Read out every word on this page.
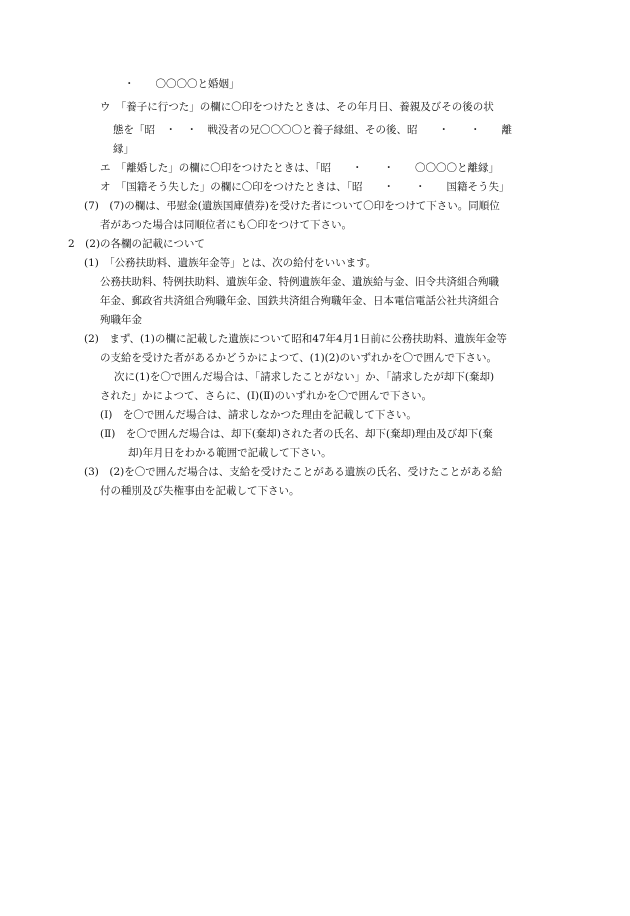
・　　〇〇〇〇と婚姻」
ウ　「養子に行つた」の欄に〇印をつけたときは、その年月日、養親及びその後の状
態を「昭　・　・　戦没者の兄〇〇〇〇と養子縁組、その後、昭　　・　　・　　離
縁」
エ　「離婚した」の欄に〇印をつけたときは、「昭　　・　　・　　〇〇〇〇と離縁」
オ　「国籍そう失した」の欄に〇印をつけたときは、「昭　　・　　・　　国籍そう失」
(7)　(7)の欄は、弔慰金(遺族国庫債券)を受けた者について〇印をつけて下さい。同順位
者があつた場合は同順位者にも〇印をつけて下さい。
2　(2)の各欄の記載について
(1)　「公務扶助料、遺族年金等」とは、次の給付をいいます。
公務扶助料、特例扶助料、遺族年金、特例遺族年金、遺族給与金、旧令共済組合殉職
年金、郵政省共済組合殉職年金、国鉄共済組合殉職年金、日本電信電話公社共済組合
殉職年金
(2)　まず、(1)の欄に記載した遺族について昭和47年4月1日前に公務扶助料、遺族年金等
の支給を受けた者があるかどうかによつて、(1)(2)のいずれかを〇で囲んで下さい。
次に(1)を〇で囲んだ場合は、「請求したことがない」か、「請求したが却下(棄却)
された」かによつて、さらに、(Ⅰ)(Ⅱ)のいずれかを〇で囲んで下さい。
(Ⅰ)　を〇で囲んだ場合は、請求しなかつた理由を記載して下さい。
(Ⅱ)　を〇で囲んだ場合は、却下(棄却)された者の氏名、却下(棄却)理由及び却下(棄
却)年月日をわかる範囲で記載して下さい。
(3)　(2)を〇で囲んだ場合は、支給を受けたことがある遺族の氏名、受けたことがある給
付の種別及び失権事由を記載して下さい。
